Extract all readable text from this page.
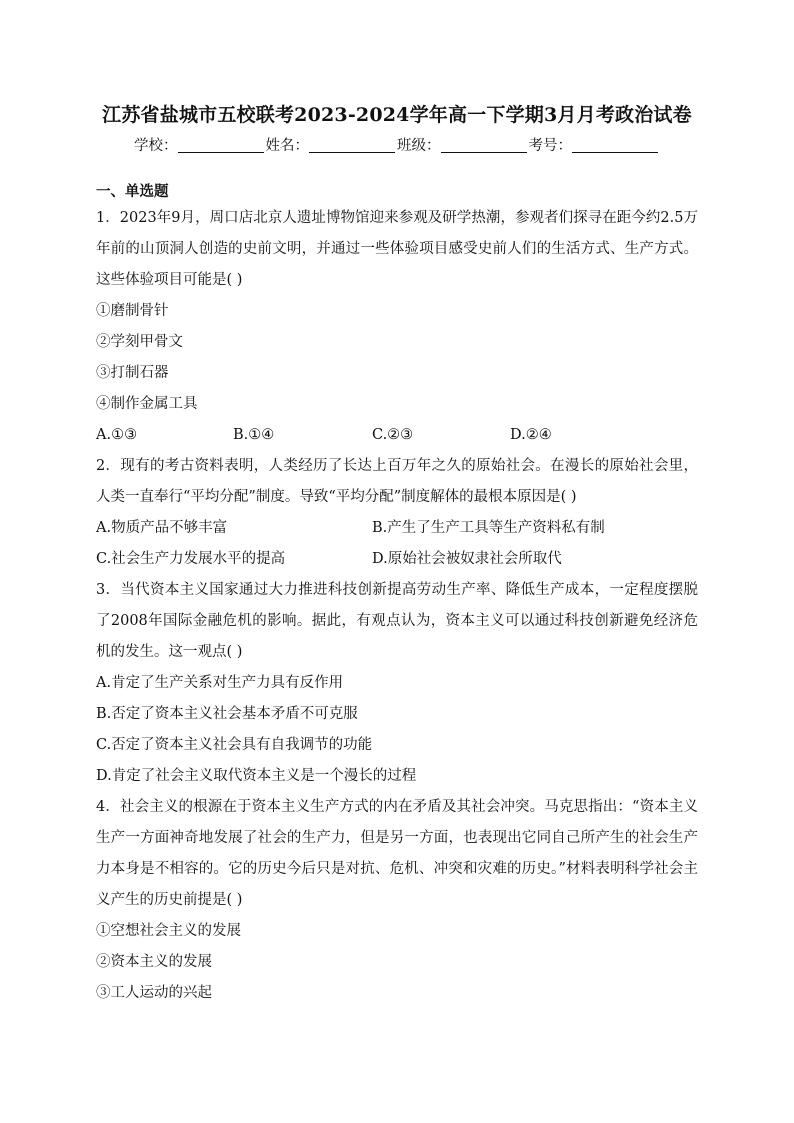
江苏省盐城市五校联考2023-2024学年高一下学期3月月考政治试卷
学校：	姓名：	班级：	考号：
一、单选题

1．2023年9月，周口店北京人遗址博物馆迎来参观及研学热潮，参观者们探寻在距今约2.5万年前的山顶洞人创造的史前文明，并通过一些体验项目感受史前人们的生活方式、生产方式。这些体验项目可能是( )

①磨制骨针
②学刻甲骨文
③打制石器
④制作金属工具
A.①③	B.①④	C.②③	D.②④

2．现有的考古资料表明，人类经历了长达上百万年之久的原始社会。在漫长的原始社会里，人类一直奉行“平均分配”制度。导致“平均分配”制度解体的最根本原因是( )

A.物质产品不够丰富	B.产生了生产工具等生产资料私有制
C.社会生产力发展水平的提高	D.原始社会被奴隶社会所取代

3．当代资本主义国家通过大力推进科技创新提高劳动生产率、降低生产成本，一定程度摆脱了2008年国际金融危机的影响。据此，有观点认为，资本主义可以通过科技创新避免经济危机的发生。这一观点( )

A.肯定了生产关系对生产力具有反作用
B.否定了资本主义社会基本矛盾不可克服
C.否定了资本主义社会具有自我调节的功能
D.肯定了社会主义取代资本主义是一个漫长的过程

4．社会主义的根源在于资本主义生产方式的内在矛盾及其社会冲突。马克思指出：“资本主义生产一方面神奇地发展了社会的生产力，但是另一方面，也表现出它同自己所产生的社会生产力本身是不相容的。它的历史今后只是对抗、危机、冲突和灾难的历史。”材料表明科学社会主义产生的历史前提是( )

①空想社会主义的发展
②资本主义的发展
③工人运动的兴起
